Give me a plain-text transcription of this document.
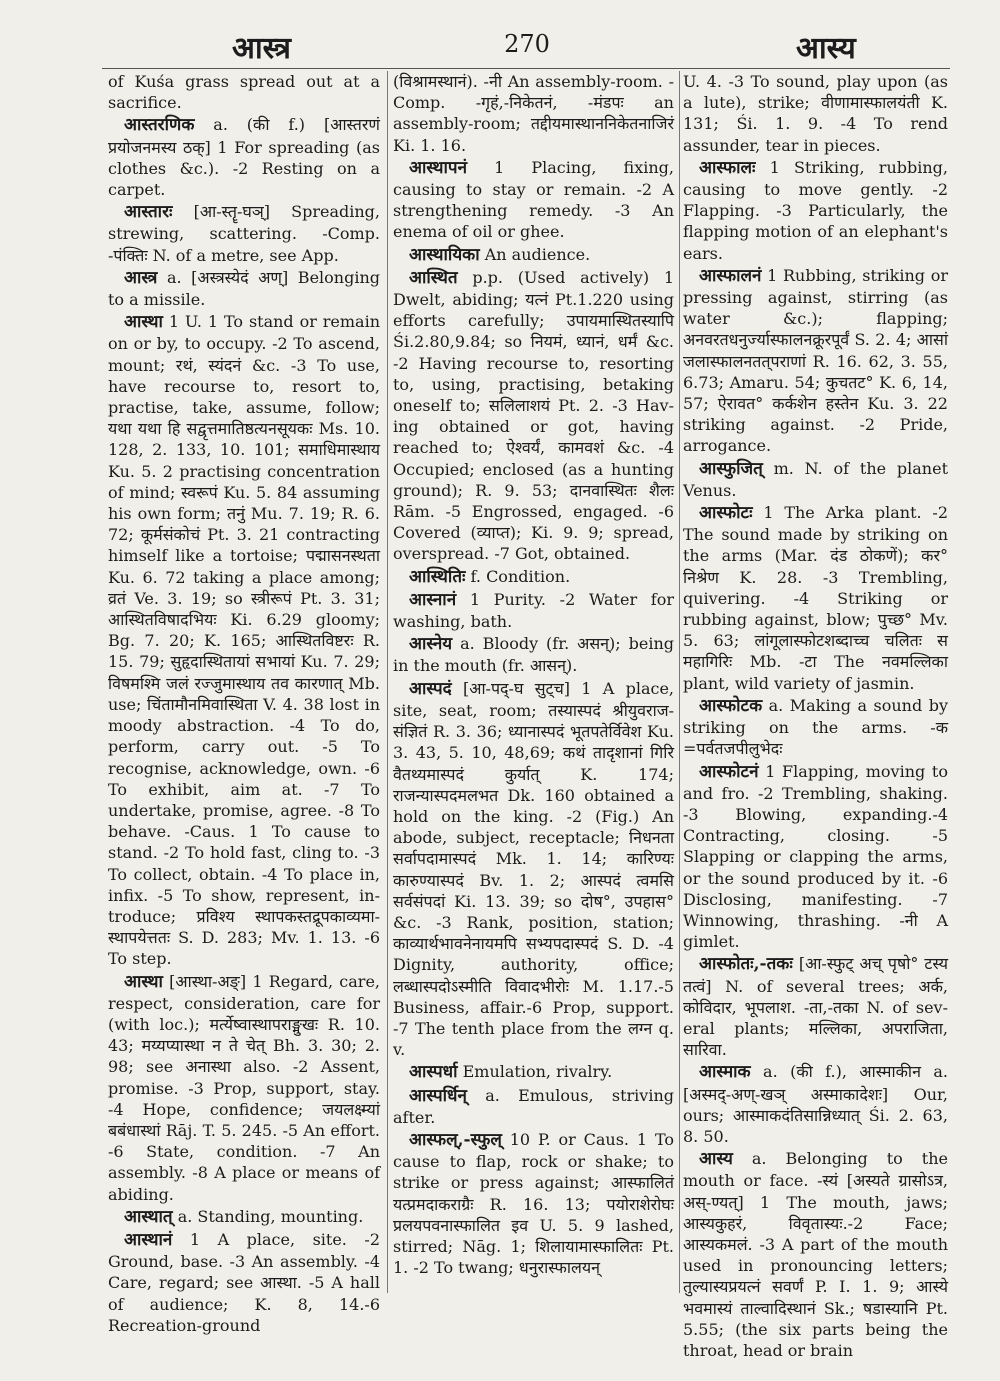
आस्त्र	270	आस्य

of Kuśa grass spread out at a sacrifice.

आस्तरणिक a. (की f.) [आस्तरणं प्रयोजनमस्य ठक्] 1 For spreading (as clothes &c.). -2 Resting on a carpet.

आस्तारः [आ-स्तॄ-घञ्] Spreading, strewing, scattering. -Comp. -पंक्तिः N. of a metre, see App.

आस्त्र a. [अस्त्रस्येदं अण्] Belonging to a missile.

आस्था 1 U. 1 To stand or remain on or by, to occupy. -2 To ascend, mount; रथं, स्यंदनं &c. -3 To use, have recourse to, resort to, practise, take, assume, follow; यथा यथा हि सद्वृत्तमातिष्ठत्यनसूयकः Ms. 10. 128, 2. 133, 10. 101; समाधिमास्थाय Ku. 5. 2 practising concentration of mind; स्वरूपं Ku. 5. 84 assuming his own form; तनुं Mu. 7. 19; R. 6. 72; कूर्मसंकोचं Pt. 3. 21 contracting himself like a tortoise; पद्मासनस्थता Ku. 6. 72 taking a place among; व्रतं Ve. 3. 19; so स्त्रीरूपं Pt. 3. 31; आस्थितविषादभियः Ki. 6.29 gloomy; Bg. 7. 20; K. 165; आस्थितविष्टरः R. 15. 79; सुहृदास्थितायां सभायां Ku. 7. 29; विषमश्मि जलं रज्जुमास्थाय तव कारणात् Mb. use; चिंतामौनमिवास्थिता V. 4. 38 lost in moody abstraction. -4 To do, perform, carry out. -5 To recognise, acknowledge, own. -6 To exhibit, aim at. -7 To undertake, promise, agree. -8 To behave. -Caus. 1 To cause to stand. -2 To hold fast, cling to. -3 To collect, obtain. -4 To place in, infix. -5 To show, represent, introduce; प्रविश्य स्थापकस्तद्रूपकाव्यमास्थापयेत्ततः S. D. 283; Mv. 1. 13. -6 To step.

आस्था [आस्था-अङ्] 1 Regard, care, respect, consideration, care for (with loc.); मर्त्येष्वास्थापराङ्मुखः R. 10. 43; मय्यप्यास्था न ते चेत् Bh. 3. 30; 2. 98; see अनास्था also. -2 Assent, promise. -3 Prop, support, stay. -4 Hope, confidence; जयलक्ष्म्यां बबंधास्थां Rāj. T. 5. 245. -5 An effort. -6 State, condition. -7 An assembly. -8 A place or means of abiding.

आस्थात् a. Standing, mounting.

आस्थानं 1 A place, site. -2 Ground, base. -3 An assembly. -4 Care, regard; see आस्था. -5 A hall of audience; K. 8, 14.-6 Recreation-ground

(विश्रामस्थानं). -नी An assembly-room. -Comp. -गृहं,-निकेतनं, -मंडपः an assembly-room; तद्दीयमास्थाननिकेतनाजिरं Ki. 1. 16.

आस्थापनं 1 Placing, fixing, causing to stay or remain. -2 A strengthening remedy. -3 An enema of oil or ghee.

आस्थायिका An audience.

आस्थित p.p. (Used actively) 1 Dwelt, abiding; यत्नं Pt.1.220 using efforts carefully; उपायमास्थितस्यापि Śi.2.80,9.84; so नियमं, ध्यानं, धर्मं &c. -2 Having recourse to, resorting to, using, practising, betaking oneself to; सलिलाशयं Pt. 2. -3 Having obtained or got, having reached to; ऐश्वर्यं, कामवशं &c. -4 Occupied; enclosed (as a hunting ground); R. 9. 53; दानवास्थितः शैलः Rām. -5 Engrossed, engaged. -6 Covered (व्याप्त); Ki. 9. 9; spread, overspread. -7 Got, obtained.

आस्थितिः f. Condition.

आस्नानं 1 Purity. -2 Water for washing, bath.

आस्नेय a. Bloody (fr. असन्); being in the mouth (fr. आसन्).

आस्पदं [आ-पद्-घ सुट्च] 1 A place, site, seat, room; तस्यास्पदं श्रीयुवराजसंज्ञितं R. 3. 36; ध्यानास्पदं भूतपतेर्विवेश Ku. 3. 43, 5. 10, 48,69; कथं तादृशानां गिरि वैतथ्यमास्पदं कुर्यात् K. 174; राजन्यास्पदमलभत Dk. 160 obtained a hold on the king. -2 (Fig.) An abode, subject, receptacle; निधनता सर्वापदामास्पदं Mk. 1. 14; कारिण्यः कारुण्यास्पदं Bv. 1. 2; आस्पदं त्वमसि सर्वसंपदां Ki. 13. 39; so दोष°, उपहास° &c. -3 Rank, position, station; काव्यार्थभावनेनायमपि सभ्यपदास्पदं S. D. -4 Dignity, authority, office; लब्धास्पदोऽस्मीति विवादभीरोः M. 1.17.-5 Business, affair.-6 Prop, support. -7 The tenth place from the लग्न q. v.

आस्पर्धा Emulation, rivalry.

आस्पर्धिन् a. Emulous, striving after.

आस्फल्,-स्फुल् 10 P. or Caus. 1 To cause to flap, rock or shake; to strike or press against; आस्फालितं यत्प्रमदाकराग्रैः R. 16. 13; पयोराशेरोघः प्रलयपवनास्फालित इव U. 5. 9 lashed, stirred; Nāg. 1; शिलायामास्फालितः Pt. 1. -2 To twang; धनुरास्फालयन्

U. 4. -3 To sound, play upon (as a lute), strike; वीणामास्फालयंती K. 131; Śi. 1. 9. -4 To rend assunder, tear in pieces.

आस्फालः 1 Striking, rubbing, causing to move gently. -2 Flapping. -3 Particularly, the flapping motion of an elephant's ears.

आस्फालनं 1 Rubbing, striking or pressing against, stirring (as water &c.); flapping; अनवरतधनुर्ज्यास्फालनक्रूरपूर्वं S. 2. 4; आसां जलास्फालनतत्पराणां R. 16. 62, 3. 55, 6.73; Amaru. 54; कुचतट° K. 6, 14, 57; ऐरावत° कर्कशेन हस्तेन Ku. 3. 22 striking against. -2 Pride, arrogance.

आस्फुजित् m. N. of the planet Venus.

आस्फोटः 1 The Arka plant. -2 The sound made by striking on the arms (Mar. दंड ठोकणें); कर° निश्रेण K. 28. -3 Trembling, quivering. -4 Striking or rubbing against, blow; पुच्छ° Mv. 5. 63; लांगूलास्फोटशब्दाच्च चलितः स महागिरिः Mb. -टा The नवमल्लिका plant, wild variety of jasmin.

आस्फोटक a. Making a sound by striking on the arms. -क =पर्वतजपीलुभेदः

आस्फोटनं 1 Flapping, moving to and fro. -2 Trembling, shaking. -3 Blowing, expanding.-4 Contracting, closing. -5 Slapping or clapping the arms, or the sound produced by it. -6 Disclosing, manifesting. -7 Winnowing, thrashing. -नी A gimlet.

आस्फोतः,-तकः [आ-स्फुट् अच् पृषो° टस्य तत्वं] N. of several trees; अर्क, कोविदार, भूपलाश. -ता,-तका N. of several plants; मल्लिका, अपराजिता, सारिवा.

आस्माक a. (की f.), आस्माकीन a. [अस्मद्-अण्-खञ् अस्माकादेशः] Our, ours; आस्माकदंतिसान्निध्यात् Śi. 2. 63, 8. 50.

आस्य a. Belonging to the mouth or face. -स्यं [अस्यते ग्रासोऽत्र, अस्-ण्यत्] 1 The mouth, jaws; आस्यकुहरं, विवृतास्यः.-2 Face; आस्यकमलं. -3 A part of the mouth used in pronouncing letters; तुल्यास्यप्रयत्नं सवर्णं P. I. 1. 9; आस्ये भवमास्यं ताल्वादिस्थानं Sk.; षडास्यानि Pt. 5.55; (the six parts being the throat, head or brain
